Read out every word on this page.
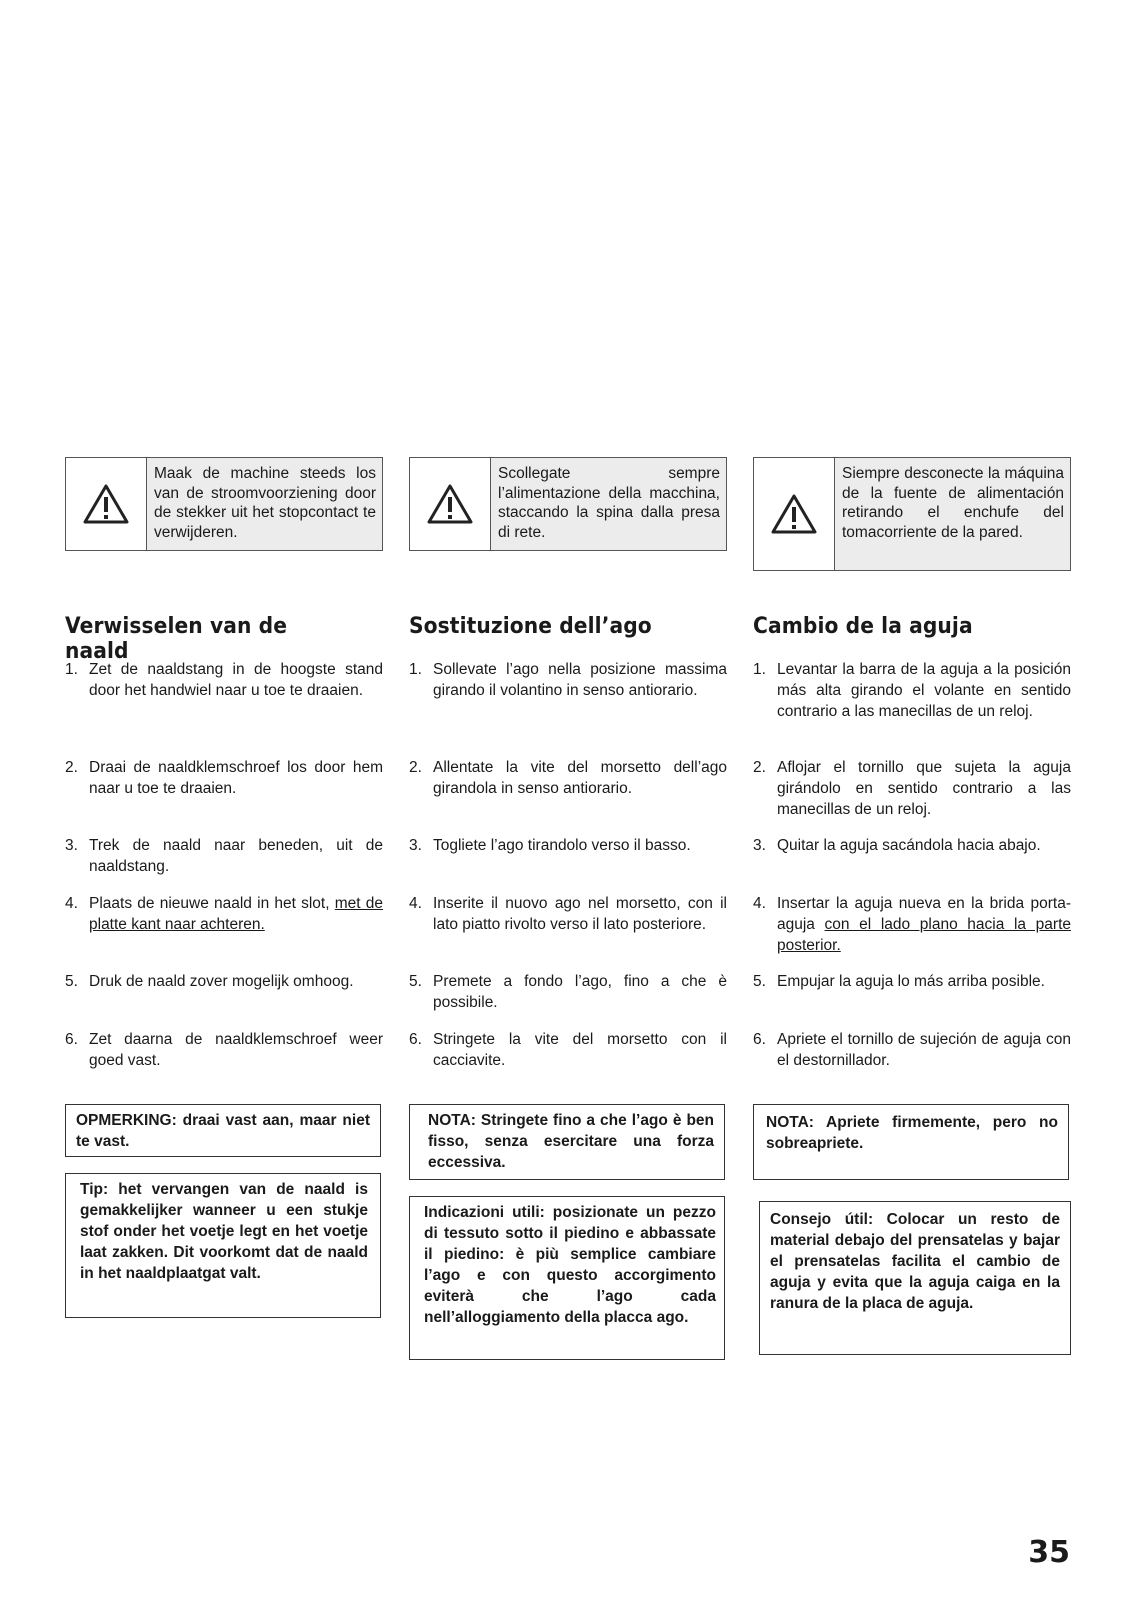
Maak de machine steeds los van de stroomvoorziening door de stekker uit het stopcontact te verwijderen.
Verwisselen van de naald
1. Zet de naaldstang in de hoogste stand door het handwiel naar u toe te draaien.
2. Draai de naaldklemschroef los door hem naar u toe te draaien.
3. Trek de naald naar beneden, uit de naaldstang.
4. Plaats de nieuwe naald in het slot, met de platte kant naar achteren.
5. Druk de naald zover mogelijk omhoog.
6. Zet daarna de naaldklemschroef weer goed vast.
OPMERKING: draai vast aan, maar niet te vast.
Tip: het vervangen van de naald is gemakkelijker wanneer u een stukje stof onder het voetje legt en het voetje laat zakken. Dit voorkomt dat de naald in het naaldplaatgat valt.
Scollegate sempre l’alimentazione della macchina, staccando la spina dalla presa di rete.
Sostituzione dell’ago
1. Sollevate l’ago nella posizione massima girando il volantino in senso antiorario.
2. Allentate la vite del morsetto dell’ago girandola in senso antiorario.
3. Togliete l’ago tirandolo verso il basso.
4. Inserite il nuovo ago nel morsetto, con il lato piatto rivolto verso il lato posteriore.
5. Premete a fondo l’ago, fino a che è possibile.
6. Stringete la vite del morsetto con il cacciavite.
NOTA: Stringete fino a che l’ago è ben fisso, senza esercitare una forza eccessiva.
Indicazioni utili: posizionate un pezzo di tessuto sotto il piedino e abbassate il piedino: è più semplice cambiare l’ago e con questo accorgimento eviterà che l’ago cada nell’alloggiamento della placca ago.
Siempre desconecte la máquina de la fuente de alimentación retirando el enchufe del tomacorriente de la pared.
Cambio de la aguja
1. Levantar la barra de la aguja a la posición más alta girando el volante en sentido contrario a las manecillas de un reloj.
2. Aflojar el tornillo que sujeta la aguja girándolo en sentido contrario a las manecillas de un reloj.
3. Quitar la aguja sacándola hacia abajo.
4. Insertar la aguja nueva en la brida porta-aguja con el lado plano hacia la parte posterior.
5. Empujar la aguja lo más arriba posible.
6. Apriete el tornillo de sujeción de aguja con el destornillador.
NOTA: Apriete firmemente, pero no sobreapriete.
Consejo útil: Colocar un resto de material debajo del prensatelas y bajar el prensatelas facilita el cambio de aguja y evita que la aguja caiga en la ranura de la placa de aguja.
35
